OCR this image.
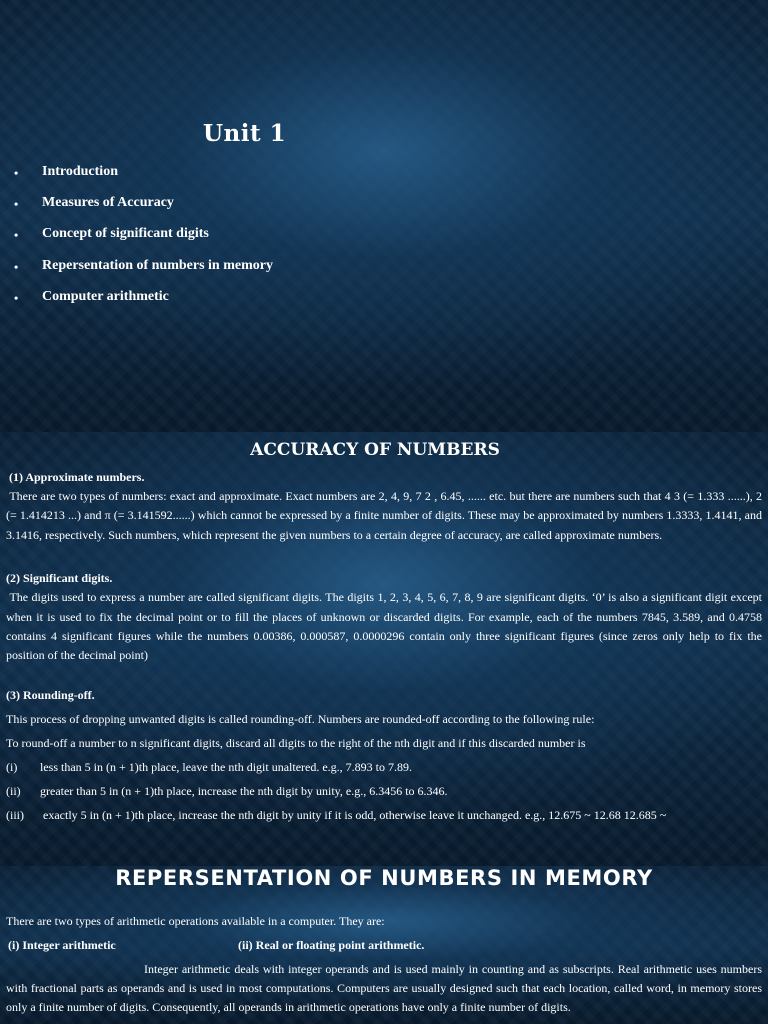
Unit 1
•	Introduction
•	Measures of Accuracy
•	Concept of significant digits
•	Repersentation of numbers in memory
•	Computer arithmetic
ACCURACY OF NUMBERS
(1) Approximate numbers.
There are two types of numbers: exact and approximate. Exact numbers are 2, 4, 9, 7 2 , 6.45, ...... etc. but there are numbers such that 4 3 (= 1.333 ......), 2 (= 1.414213 ...) and π (= 3.141592......) which cannot be expressed by a finite number of digits. These may be approximated by numbers 1.3333, 1.4141, and 3.1416, respectively. Such numbers, which represent the given numbers to a certain degree of accuracy, are called approximate numbers.
(2) Significant digits.
The digits used to express a number are called significant digits. The digits 1, 2, 3, 4, 5, 6, 7, 8, 9 are significant digits. ‘0’ is also a significant digit except when it is used to fix the decimal point or to fill the places of unknown or discarded digits. For example, each of the numbers 7845, 3.589, and 0.4758 contains 4 significant figures while the numbers 0.00386, 0.000587, 0.0000296 contain only three significant figures (since zeros only help to fix the position of the decimal point)
(3) Rounding-off.
This process of dropping unwanted digits is called rounding-off. Numbers are rounded-off according to the following rule:
To round-off a number to n significant digits, discard all digits to the right of the nth digit and if this discarded number is
(i) less than 5 in (n + 1)th place, leave the nth digit unaltered. e.g., 7.893 to 7.89.
(ii) greater than 5 in (n + 1)th place, increase the nth digit by unity, e.g., 6.3456 to 6.346.
(iii) exactly 5 in (n + 1)th place, increase the nth digit by unity if it is odd, otherwise leave it unchanged. e.g., 12.675 ~ 12.68 12.685 ~
REPERSENTATION OF NUMBERS IN MEMORY
There are two types of arithmetic operations available in a computer. They are:
(i) Integer arithmetic	(ii) Real or floating point arithmetic.
Integer arithmetic deals with integer operands and is used mainly in counting and as subscripts. Real arithmetic uses numbers with fractional parts as operands and is used in most computations. Computers are usually designed such that each location, called word, in memory stores only a finite number of digits. Consequently, all operands in arithmetic operations have only a finite number of digits.
